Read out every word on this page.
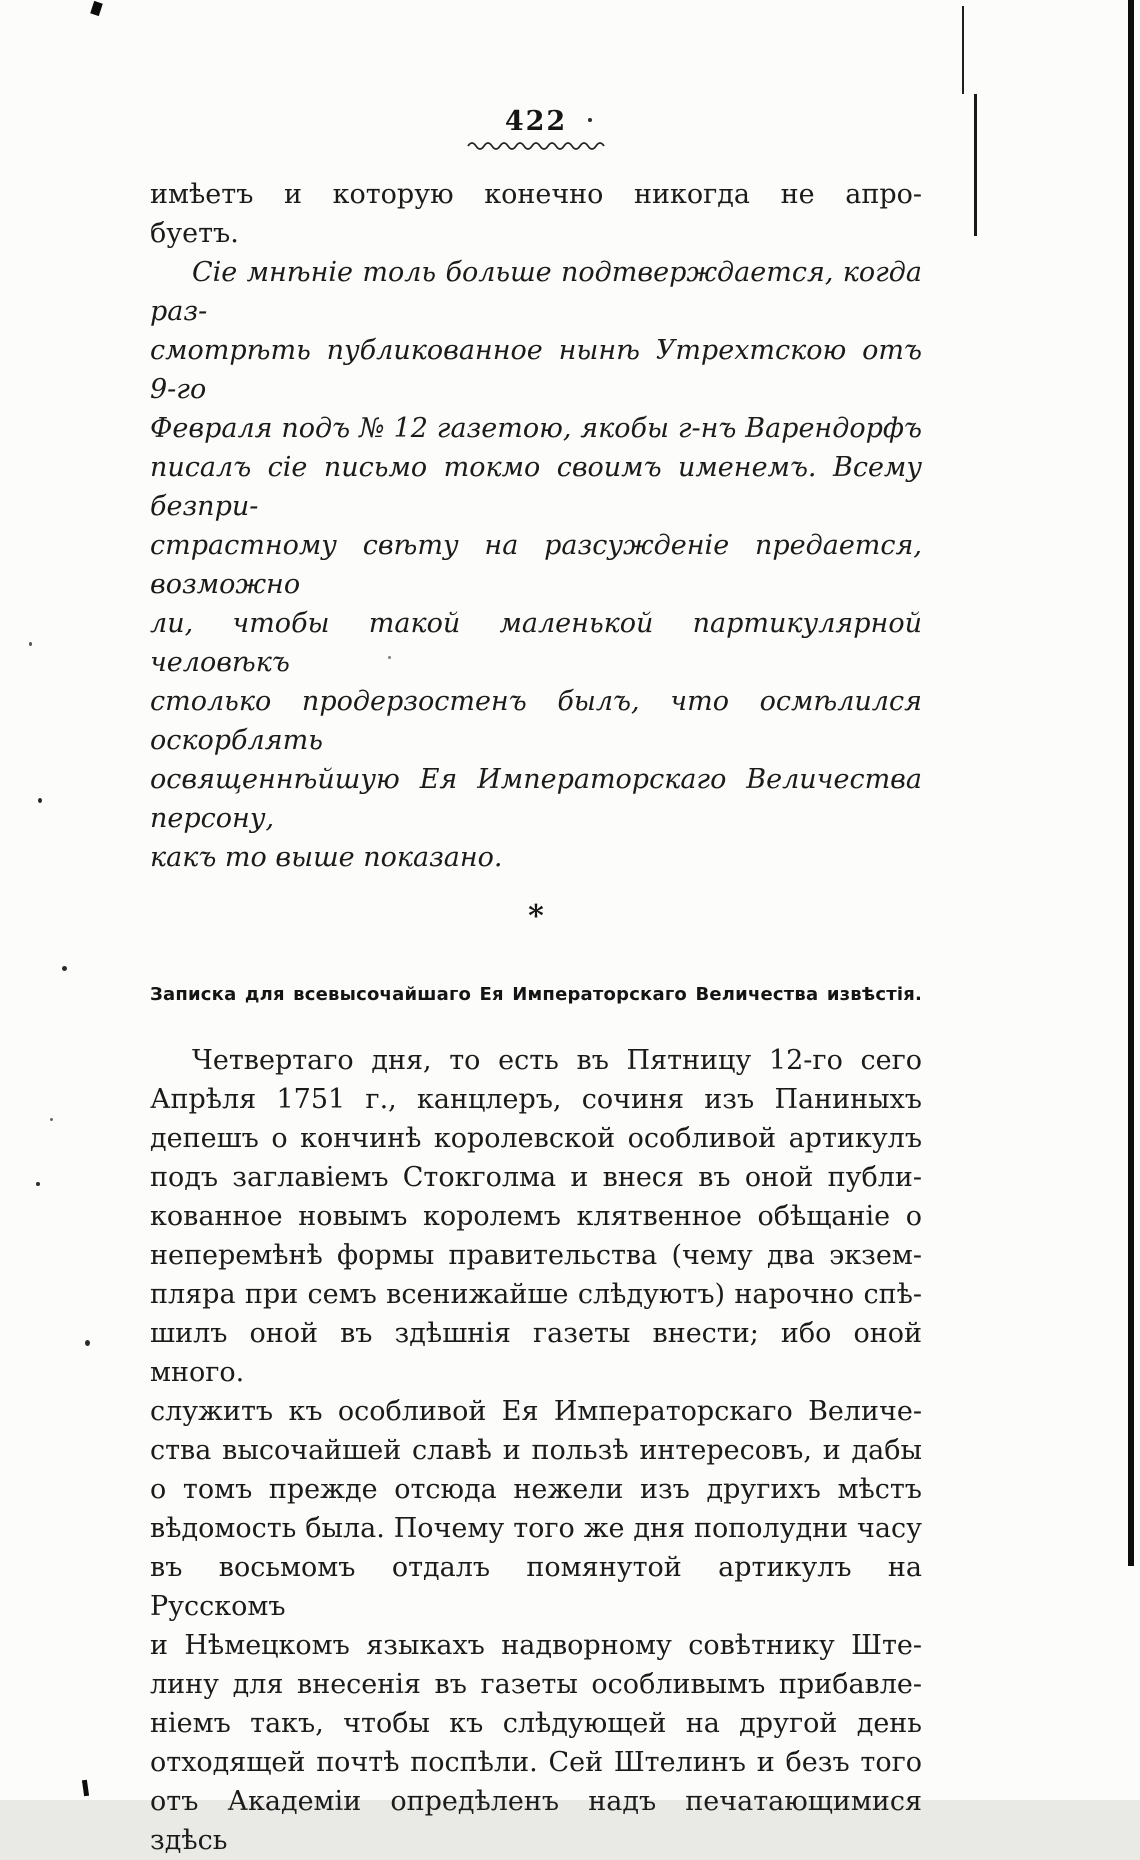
422
имѣетъ и которую конечно никогда не апро-
буетъ.
Сіе мнѣніе толь больше подтверждается, когда раз-
смотрѣть публикованное нынѣ Утрехтскою отъ 9-го
Февраля подъ № 12 газетою, якобы г-нъ Варендорфъ
писалъ сіе письмо токмо своимъ именемъ. Всему безпри-
страстному свѣту на разсужденіе предается, возможно
ли, чтобы такой маленькой партикулярной человѣкъ
столько продерзостенъ былъ, что осмѣлился оскорблять
освященнѣйшую Ея Императорскаго Величества персону,
какъ то выше показано.
*
Записка для всевысочайшаго Ея Императорскаго Величества извѣстія.
Четвертаго дня, то есть въ Пятницу 12-го сего
Апрѣля 1751 г., канцлеръ, сочиня изъ Паниныхъ
депешъ о кончинѣ королевской особливой артикулъ
подъ заглавіемъ Стокголма и внеся въ оной публи-
кованное новымъ королемъ клятвенное обѣщаніе о
неперемѣнѣ формы правительства (чему два экзем-
пляра при семъ всенижайше слѣдуютъ) нарочно спѣ-
шилъ оной въ здѣшнія газеты внести; ибо оной много.
служитъ къ особливой Ея Императорскаго Величе-
ства высочайшей славѣ и пользѣ интересовъ, и дабы
о томъ прежде отсюда нежели изъ другихъ мѣстъ
вѣдомость была. Почему того же дня пополудни часу
въ восьмомъ отдалъ помянутой артикулъ на Русскомъ
и Нѣмецкомъ языкахъ надворному совѣтнику Ште-
лину для внесенія въ газеты особливымъ прибавле-
ніемъ такъ, чтобы къ слѣдующей на другой день
отходящей почтѣ поспѣли. Сей Штелинъ и безъ того
отъ Академіи опредѣленъ надъ печатающимися здѣсь
